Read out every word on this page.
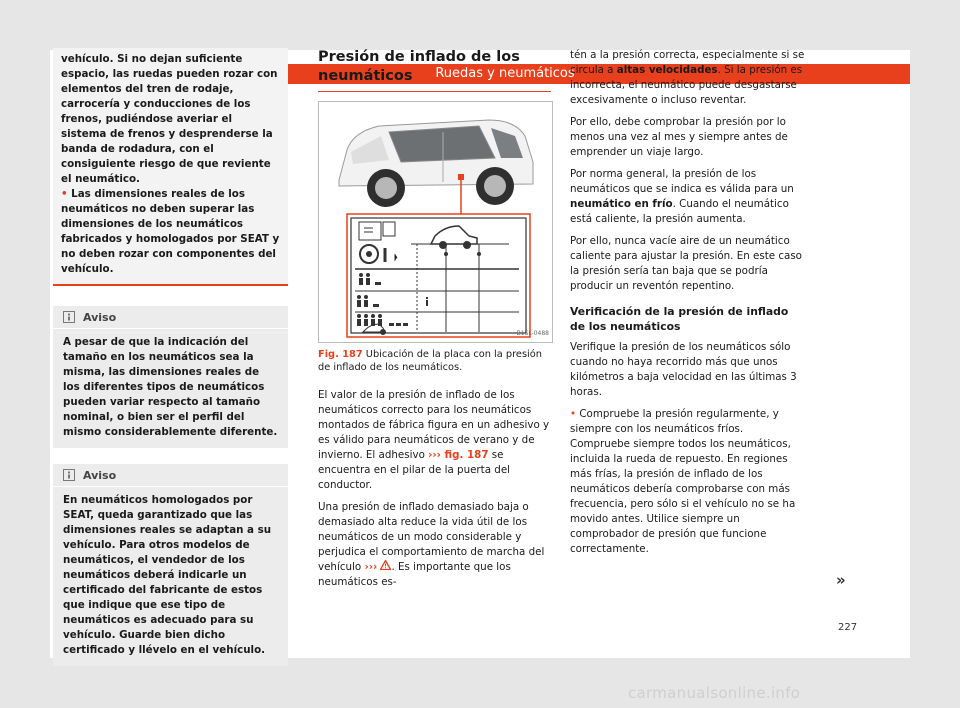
Ruedas y neumáticos

vehículo. Si no dejan suficiente espacio, las ruedas pueden rozar con elementos del tren de rodaje, carrocería y conducciones de los frenos, pudiéndose averiar el sistema de frenos y desprenderse la banda de rodadura, con el consiguiente riesgo de que reviente el neumático.

• Las dimensiones reales de los neumáticos no deben superar las dimensiones de los neumáticos fabricados y homologados por SEAT y no deben rozar con componentes del vehículo.

Aviso
A pesar de que la indicación del tamaño en los neumáticos sea la misma, las dimensiones reales de los diferentes tipos de neumáticos pueden variar respecto al tamaño nominal, o bien ser el perfil del mismo considerablemente diferente.
Aviso
En neumáticos homologados por SEAT, queda garantizado que las dimensiones reales se adaptan a su vehículo. Para otros modelos de neumáticos, el vendedor de los neumáticos deberá indicarle un certificado del fabricante de estos que indique que ese tipo de neumáticos es adecuado para su vehículo. Guarde bien dicho certificado y llévelo en el vehículo.
Presión de inflado de los neumáticos
B1SL-0488
Fig. 187 Ubicación de la placa con la presión de inflado de los neumáticos.

El valor de la presión de inflado de los neumáticos correcto para los neumáticos montados de fábrica figura en un adhesivo y es válido para neumáticos de verano y de invierno. El adhesivo ››› fig. 187 se encuentra en el pilar de la puerta del conductor.

Una presión de inflado demasiado baja o demasiado alta reduce la vida útil de los neumáticos de un modo considerable y perjudica el comportamiento de marcha del vehículo ››› . Es importante que los neumáticos es-

tén a la presión correcta, especialmente si se circula a altas velocidades. Si la presión es incorrecta, el neumático puede desgastarse excesivamente o incluso reventar.

Por ello, debe comprobar la presión por lo menos una vez al mes y siempre antes de emprender un viaje largo.

Por norma general, la presión de los neumáticos que se indica es válida para un neumático en frío. Cuando el neumático está caliente, la presión aumenta.

Por ello, nunca vacíe aire de un neumático caliente para ajustar la presión. En este caso la presión sería tan baja que se podría producir un reventón repentino.

Verificación de la presión de inflado de los neumáticos

Verifique la presión de los neumáticos sólo cuando no haya recorrido más que unos kilómetros a baja velocidad en las últimas 3 horas.

• Compruebe la presión regularmente, y siempre con los neumáticos fríos. Compruebe siempre todos los neumáticos, incluida la rueda de repuesto. En regiones más frías, la presión de inflado de los neumáticos debería comprobarse con más frecuencia, pero sólo si el vehículo no se ha movido antes. Utilice siempre un comprobador de presión que funcione correctamente.

»
227
carmanualsonline.info
